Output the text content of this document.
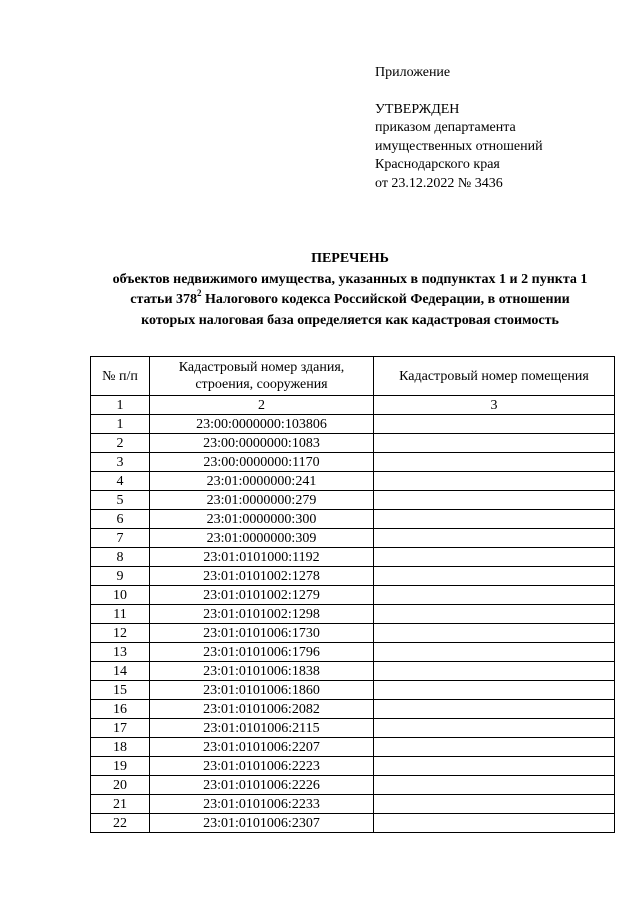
Приложение
УТВЕРЖДЕН
приказом департамента
имущественных отношений
Краснодарского края
от 23.12.2022 № 3436
ПЕРЕЧЕНЬ
объектов недвижимого имущества, указанных в подпунктах 1 и 2 пункта 1
статьи $378^2$ Налогового кодекса Российской Федерации, в отношении
которых налоговая база определяется как кадастровая стоимость
№ п/п	Кадастровый номер здания, строения, сооружения	Кадастровый номер помещения
1	2	3
1	23:00:0000000:103806	
2	23:00:0000000:1083	
3	23:00:0000000:1170	
4	23:01:0000000:241	
5	23:01:0000000:279	
6	23:01:0000000:300	
7	23:01:0000000:309	
8	23:01:0101000:1192	
9	23:01:0101002:1278	
10	23:01:0101002:1279	
11	23:01:0101002:1298	
12	23:01:0101006:1730	
13	23:01:0101006:1796	
14	23:01:0101006:1838	
15	23:01:0101006:1860	
16	23:01:0101006:2082	
17	23:01:0101006:2115	
18	23:01:0101006:2207	
19	23:01:0101006:2223	
20	23:01:0101006:2226	
21	23:01:0101006:2233	
22	23:01:0101006:2307	
